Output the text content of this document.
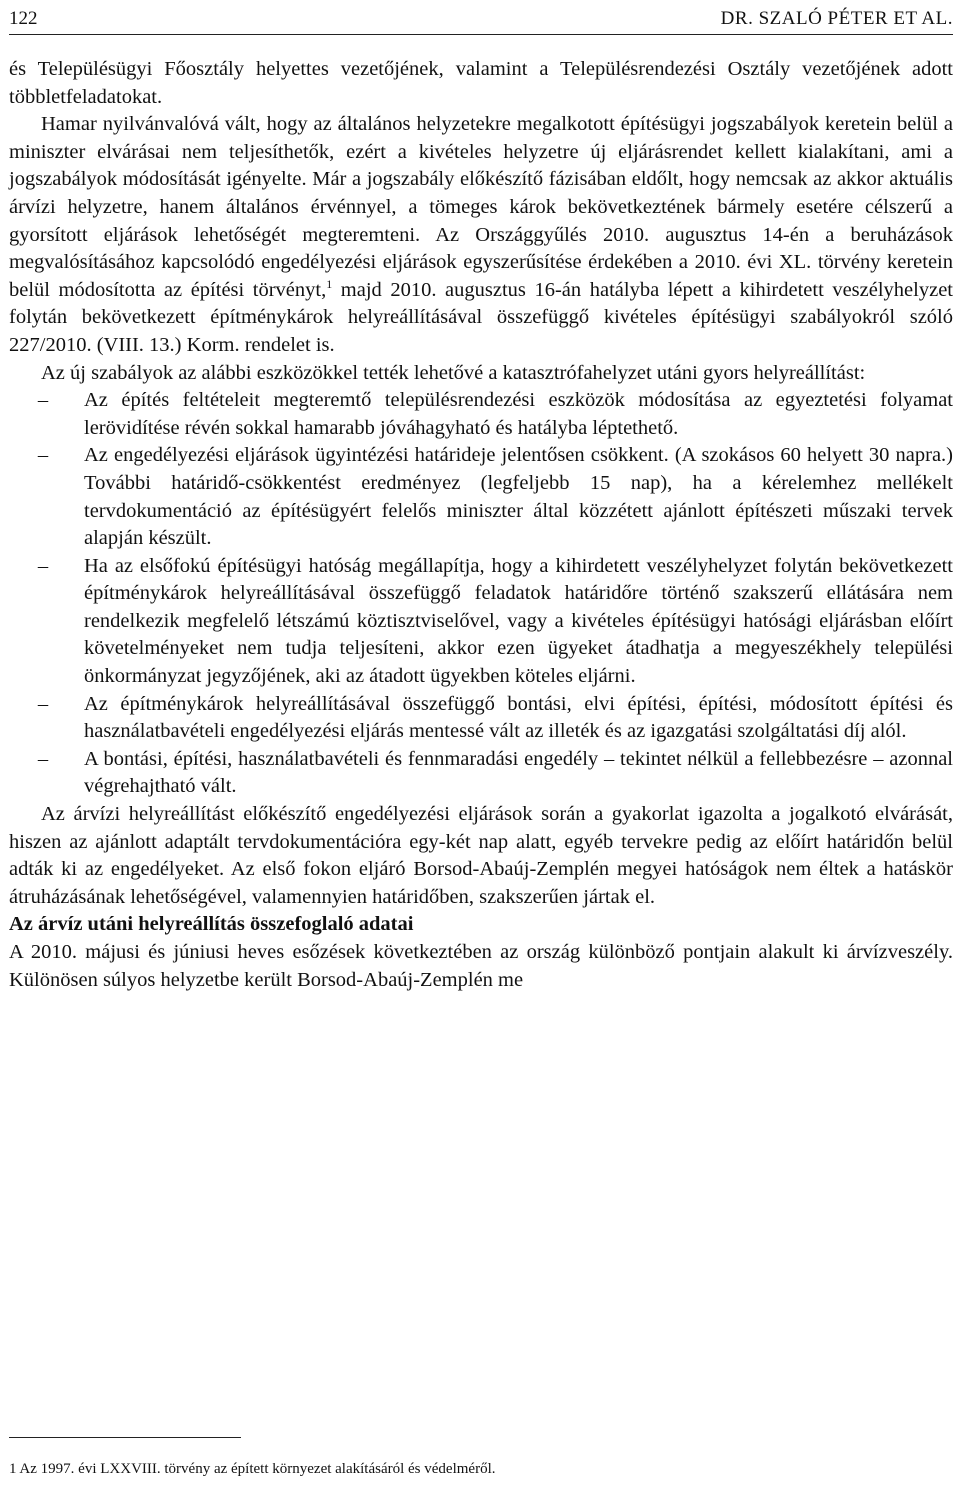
122	DR. SZALÓ PÉTER ET AL.

és Településügyi Főosztály helyettes vezetőjének, valamint a Településrendezési Osztály vezetőjének adott többletfeladatokat.

Hamar nyilvánvalóvá vált, hogy az általános helyzetekre megalkotott építésügyi jogszabályok keretein belül a miniszter elvárásai nem teljesíthetők, ezért a kivételes helyzetre új eljárásrendet kellett kialakítani, ami a jogszabályok módosítását igényelte. Már a jogszabály előkészítő fázisában eldőlt, hogy nemcsak az akkor aktuális árvízi helyzetre, hanem általános érvénnyel, a tömeges károk bekövetkeztének bármely esetére célszerű a gyorsított eljárások lehetőségét megteremteni. Az Országgyűlés 2010. augusztus 14-én a beruházások megvalósításához kapcsolódó engedélyezési eljárások egyszerűsítése érdekében a 2010. évi XL. törvény keretein belül módosította az építési törvényt,$^1$ majd 2010. augusztus 16-án hatályba lépett a kihirdetett veszélyhelyzet folytán bekövetkezett építménykárok helyreállításával összefüggő kivételes építésügyi szabályokról szóló 227/2010. (VIII. 13.) Korm. rendelet is.

Az új szabályok az alábbi eszközökkel tették lehetővé a katasztrófahelyzet utáni gyors helyreállítást:

–	Az építés feltételeit megteremtő településrendezési eszközök módosítása az egyeztetési folyamat lerövidítése révén sokkal hamarabb jóváhagyható és hatályba léptethető.
–	Az engedélyezési eljárások ügyintézési határideje jelentősen csökkent. (A szokásos 60 helyett 30 napra.) További határidő-csökkentést eredményez (legfeljebb 15 nap), ha a kérelemhez mellékelt tervdokumentáció az építésügyért felelős miniszter által közzétett ajánlott építészeti műszaki tervek alapján készült.
–	Ha az elsőfokú építésügyi hatóság megállapítja, hogy a kihirdetett veszélyhelyzet folytán bekövetkezett építménykárok helyreállításával összefüggő feladatok határidőre történő szakszerű ellátására nem rendelkezik megfelelő létszámú köztisztviselővel, vagy a kivételes építésügyi hatósági eljárásban előírt követelményeket nem tudja teljesíteni, akkor ezen ügyeket átadhatja a megyeszékhely települési önkormányzat jegyzőjének, aki az átadott ügyekben köteles eljárni.
–	Az építménykárok helyreállításával összefüggő bontási, elvi építési, építési, módosított építési és használatbavételi engedélyezési eljárás mentessé vált az illeték és az igazgatási szolgáltatási díj alól.
–	A bontási, építési, használatbavételi és fennmaradási engedély – tekintet nélkül a fellebbezésre – azonnal végrehajtható vált.

Az árvízi helyreállítást előkészítő engedélyezési eljárások során a gyakorlat igazolta a jogalkotó elvárását, hiszen az ajánlott adaptált tervdokumentációra egy-két nap alatt, egyéb tervekre pedig az előírt határidőn belül adták ki az engedélyeket. Az első fokon eljáró Borsod-Abaúj-Zemplén megyei hatóságok nem éltek a hatáskör átruházásának lehetőségével, valamennyien határidőben, szakszerűen jártak el.

Az árvíz utáni helyreállítás összefoglaló adatai

A 2010. májusi és júniusi heves esőzések következtében az ország különböző pontjain alakult ki árvízveszély. Különösen súlyos helyzetbe került Borsod-Abaúj-Zemplén me

1 Az 1997. évi LXXVIII. törvény az épített környezet alakításáról és védelméről.
